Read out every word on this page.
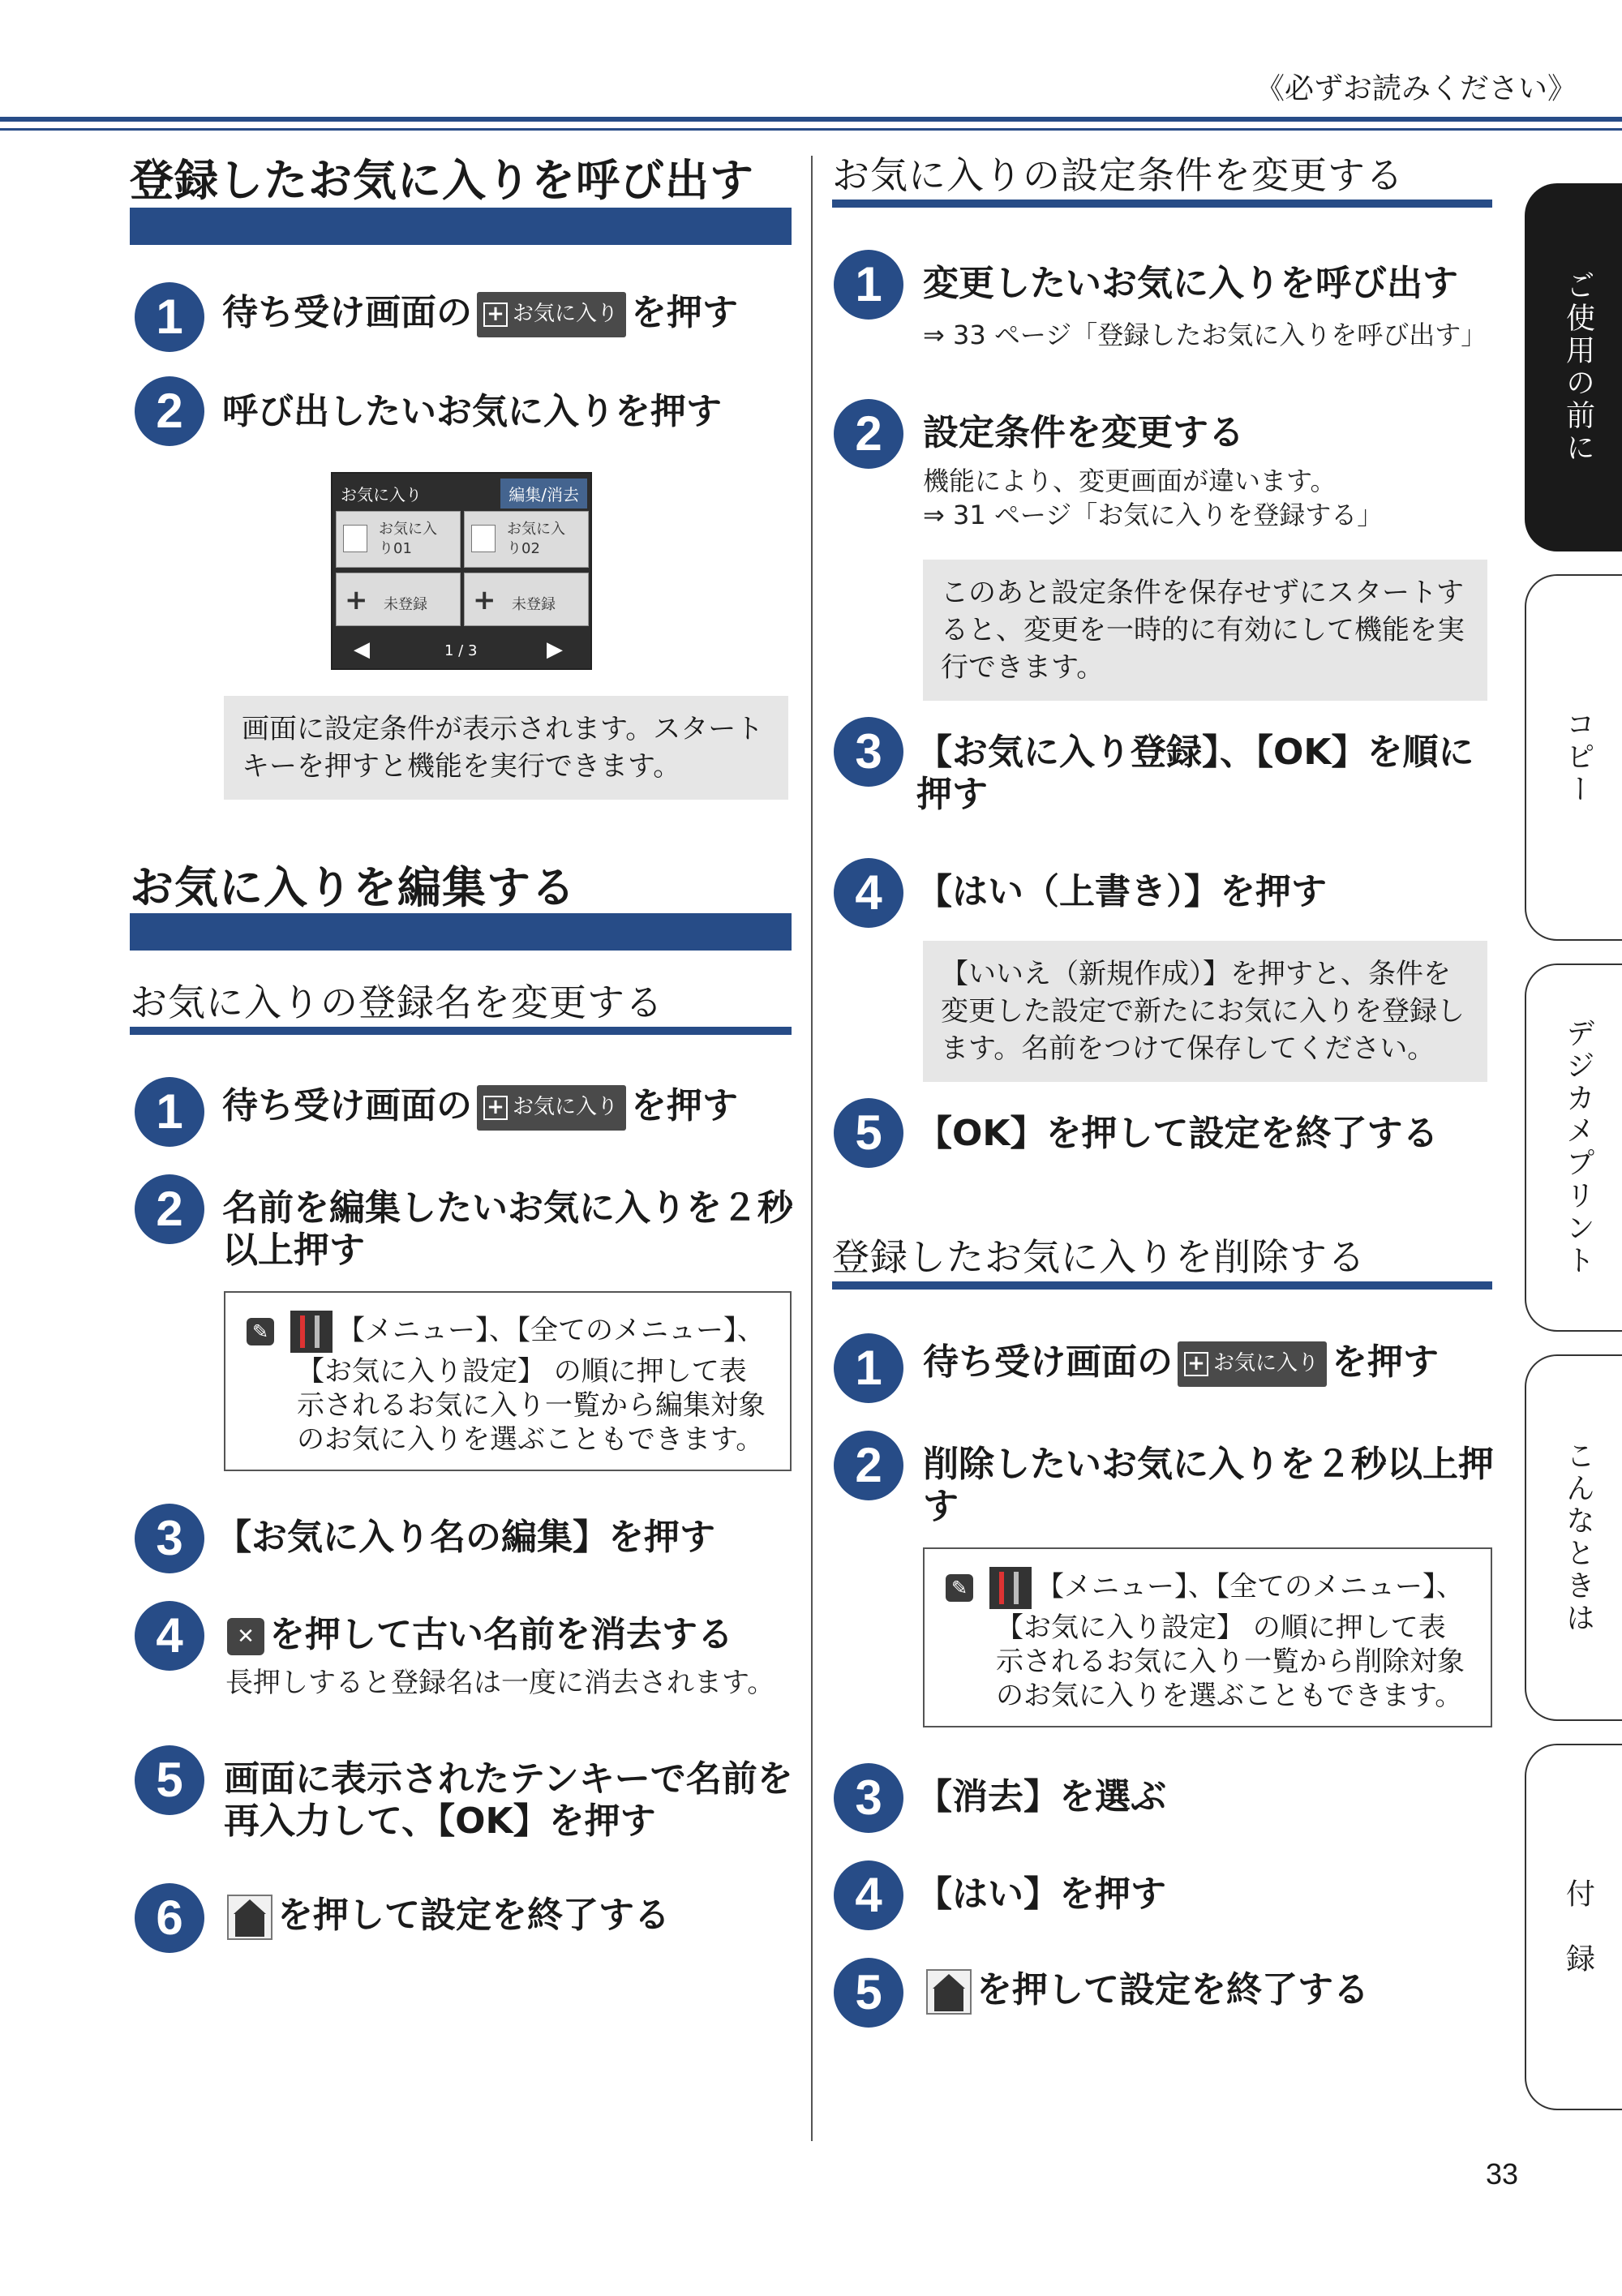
《必ずお読みください》
登録したお気に入りを呼び出す
1	待ち受け画面の + お気に入り を押す
2	呼び出したいお気に入りを押す
お気に入り	編集/消去
お気に入
り01
お気に入
り02
+ 未登録 + 未登録
◀	1 / 3	▶
画面に設定条件が表示されます。スタートキーを押すと機能を実行できます。
お気に入りを編集する
お気に入りの登録名を変更する
1	待ち受け画面の + お気に入り を押す
2	名前を編集したいお気に入りを２秒以上押す
✎ 【メニュー】、【全てのメニュー】、
【お気に入り設定】 の順に押して表示されるお気に入り一覧から編集対象のお気に入りを選ぶこともできます。
3 【お気に入り名の編集】を押す
4	✕ を押して古い名前を消去する
長押しすると登録名は一度に消去されます。
5	画面に表示されたテンキーで名前を再入力して、【OK】を押す
6	を押して設定を終了する
お気に入りの設定条件を変更する
1	変更したいお気に入りを呼び出す
⇒ 33 ページ「登録したお気に入りを呼び出す」
2	設定条件を変更する
機能により、変更画面が違います。
⇒ 31 ページ「お気に入りを登録する」
このあと設定条件を保存せずにスタートすると、変更を一時的に有効にして機能を実行できます。
3 【お気に入り登録】、【OK】を順に押す
4 【はい（上書き）】を押す
【いいえ（新規作成）】を押すと、条件を変更した設定で新たにお気に入りを登録します。名前をつけて保存してください。
5 【OK】を押して設定を終了する
登録したお気に入りを削除する
1	待ち受け画面の + お気に入り を押す
2	削除したいお気に入りを２秒以上押す
✎ 【メニュー】、【全てのメニュー】、
【お気に入り設定】 の順に押して表示されるお気に入り一覧から削除対象のお気に入りを選ぶこともできます。
3 【消去】を選ぶ
4 【はい】を押す
5	を押して設定を終了する
ご使用の前に
コピー
デジカメプリント
こんなときは
付　録
33
